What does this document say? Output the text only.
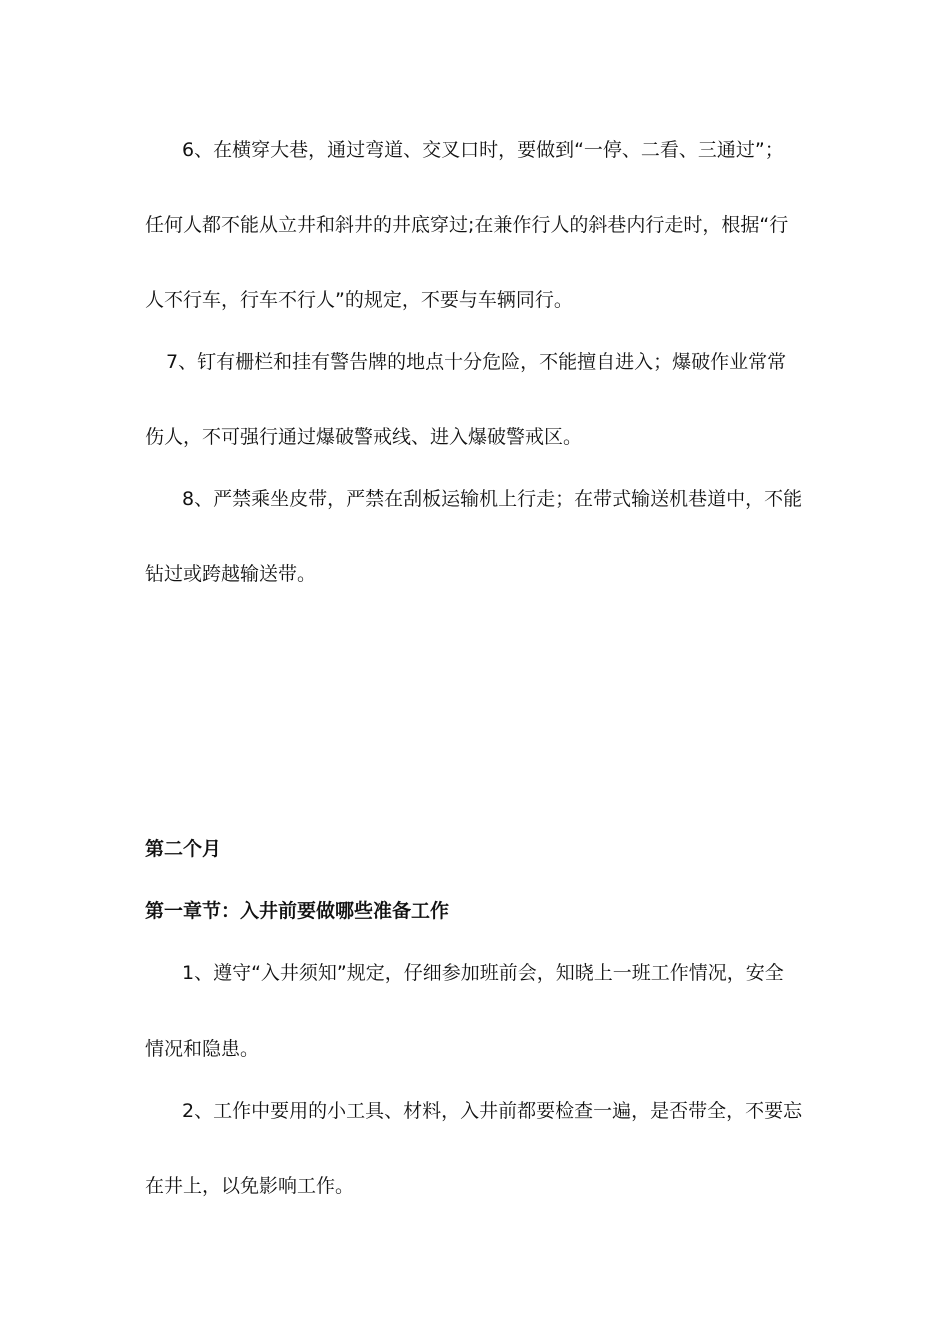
6、在横穿大巷，通过弯道、交叉口时，要做到“一停、二看、三通过”；
任何人都不能从立井和斜井的井底穿过;在兼作行人的斜巷内行走时，根据“行
人不行车，行车不行人”的规定，不要与车辆同行。
7、钉有栅栏和挂有警告牌的地点十分危险，不能擅自进入；爆破作业常常
伤人，不可强行通过爆破警戒线、进入爆破警戒区。
8、严禁乘坐皮带，严禁在刮板运输机上行走；在带式输送机巷道中，不能
钻过或跨越输送带。
第二个月
第一章节：入井前要做哪些准备工作
1、遵守“入井须知”规定，仔细参加班前会，知晓上一班工作情况，安全
情况和隐患。
2、工作中要用的小工具、材料，入井前都要检查一遍，是否带全，不要忘
在井上，以免影响工作。
